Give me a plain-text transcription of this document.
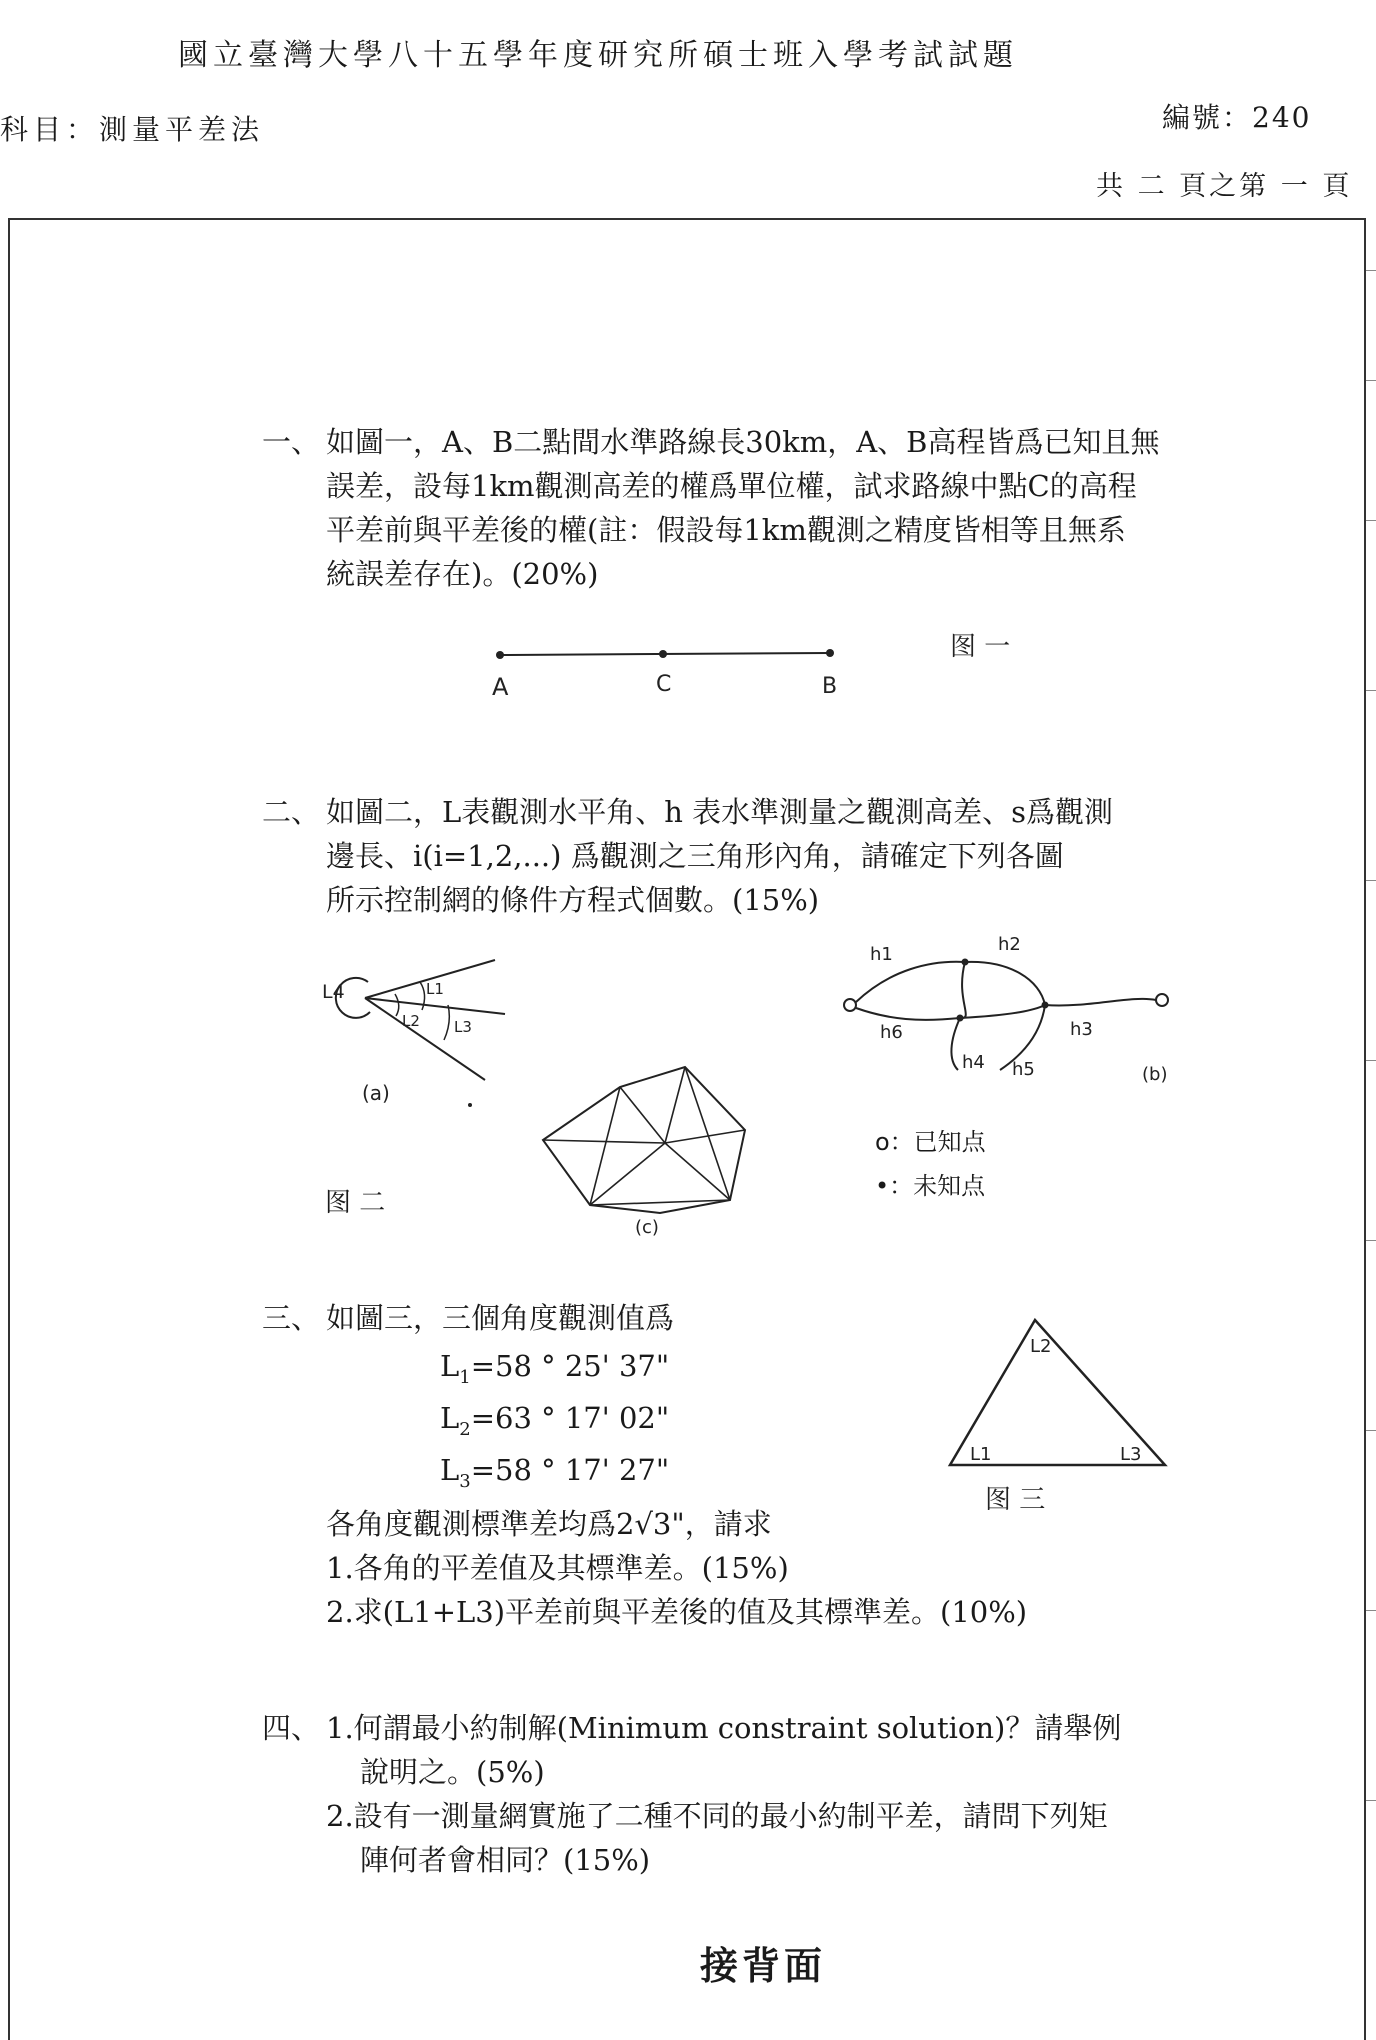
國立臺灣大學八十五學年度研究所碩士班入學考試試題
科目：測量平差法	編號：240
共 二 頁之第 一 頁
一、 如圖一，A、B二點間水準路線長30km，A、B高程皆爲已知且無
誤差，設每1km觀測高差的權爲單位權，試求路線中點C的高程
平差前與平差後的權(註：假設每1km觀測之精度皆相等且無系
統誤差存在)。(20%)
A	C	B
图 一
二、 如圖二，L表觀測水平角、h 表水準測量之觀測高差、s爲觀測
邊長、i(i=1,2,...) 爲觀測之三角形內角，請確定下列各圖
所示控制網的條件方程式個數。(15%)
L4	L1
L2 L3
(a)
h1	h2
h3
h4 h5
h6
(b)
(c)
o：已知点
•：未知点
图 二
三、 如圖三，三個角度觀測值爲
$L_1=58$ ° 25' 37"
$L_2=63$ ° 17' 02"
$L_3=58$ ° 17' 27"
各角度觀測標準差均爲2√3"，請求
1.各角的平差值及其標準差。(15%)
2.求(L1+L3)平差前與平差後的值及其標準差。(10%)
L2
L1	L3
图 三
四、 1.何謂最小約制解(Minimum constraint solution)？請舉例
說明之。(5%)
2.設有一測量網實施了二種不同的最小約制平差，請問下列矩
陣何者會相同？(15%)
接背面
